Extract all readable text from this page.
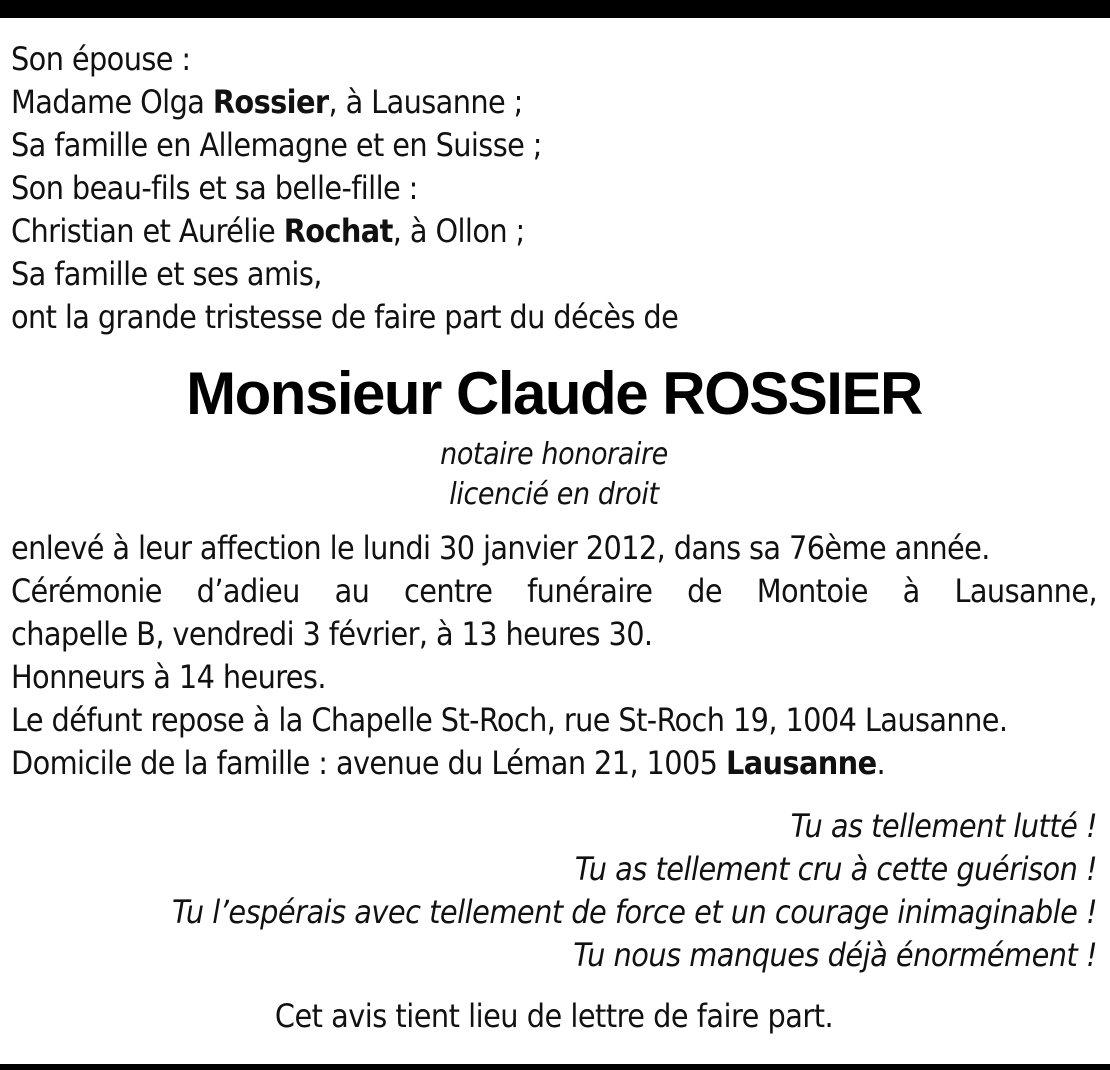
Son épouse :
Madame Olga Rossier, à Lausanne ;
Sa famille en Allemagne et en Suisse ;
Son beau-fils et sa belle-fille :
Christian et Aurélie Rochat, à Ollon ;
Sa famille et ses amis,
ont la grande tristesse de faire part du décès de
Monsieur Claude ROSSIER
notaire honoraire
licencié en droit
enlevé à leur affection le lundi 30 janvier 2012, dans sa 76ème année.
Cérémonie d’adieu au centre funéraire de Montoie à Lausanne,
chapelle B, vendredi 3 février, à 13 heures 30.
Honneurs à 14 heures.
Le défunt repose à la Chapelle St-Roch, rue St-Roch 19, 1004 Lausanne.
Domicile de la famille : avenue du Léman 21, 1005 Lausanne.
Tu as tellement lutté !
Tu as tellement cru à cette guérison !
Tu l’espérais avec tellement de force et un courage inimaginable !
Tu nous manques déjà énormément !
Cet avis tient lieu de lettre de faire part.
